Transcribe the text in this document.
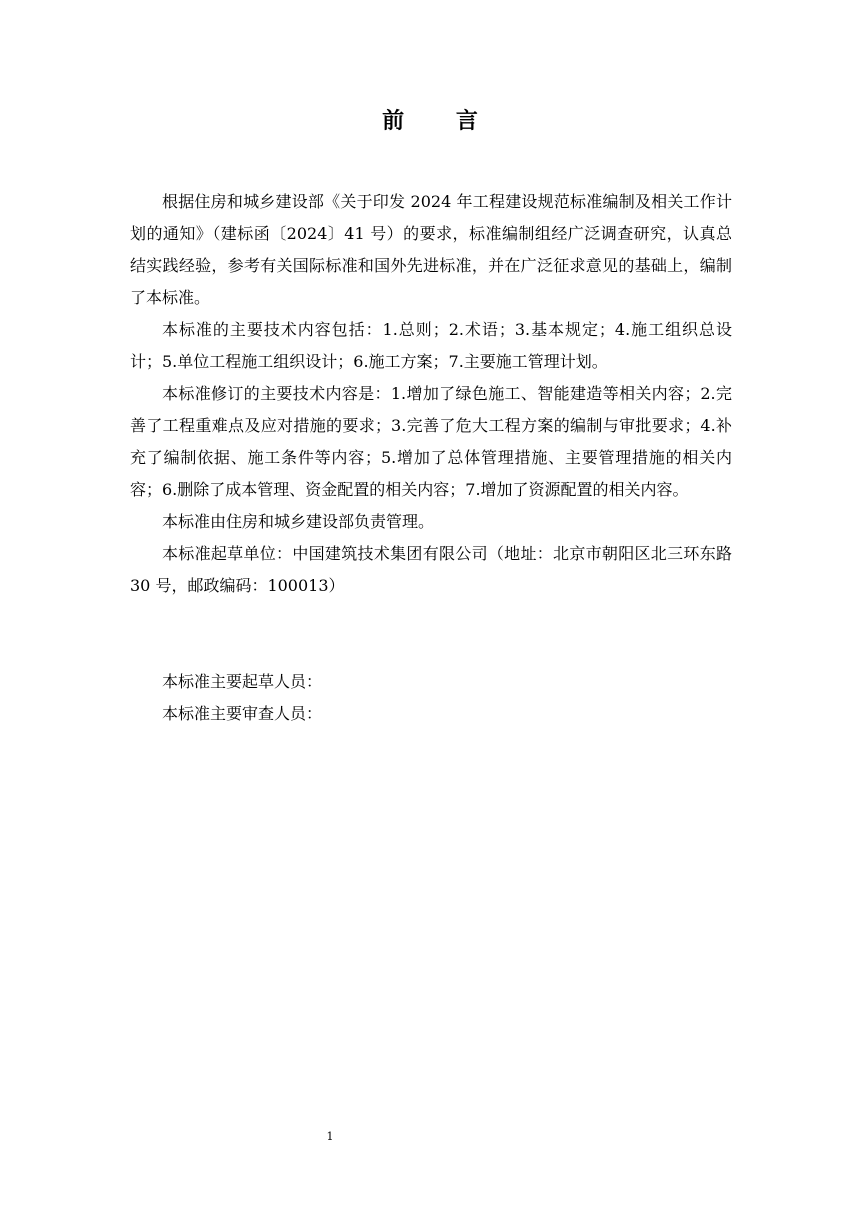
前 言

根据住房和城乡建设部《关于印发 2024 年工程建设规范标准编制及相关工作计划的通知》（建标函〔2024〕41 号）的要求，标准编制组经广泛调查研究，认真总结实践经验，参考有关国际标准和国外先进标准，并在广泛征求意见的基础上，编制了本标准。

本标准的主要技术内容包括：1.总则；2.术语；3.基本规定；4.施工组织总设计；5.单位工程施工组织设计；6.施工方案；7.主要施工管理计划。

本标准修订的主要技术内容是：1.增加了绿色施工、智能建造等相关内容；2.完善了工程重难点及应对措施的要求；3.完善了危大工程方案的编制与审批要求；4.补充了编制依据、施工条件等内容；5.增加了总体管理措施、主要管理措施的相关内容；6.删除了成本管理、资金配置的相关内容；7.增加了资源配置的相关内容。

本标准由住房和城乡建设部负责管理。

本标准起草单位：中国建筑技术集团有限公司（地址：北京市朝阳区北三环东路 30 号，邮政编码：100013）

本标准主要起草人员：

本标准主要审查人员：

1
